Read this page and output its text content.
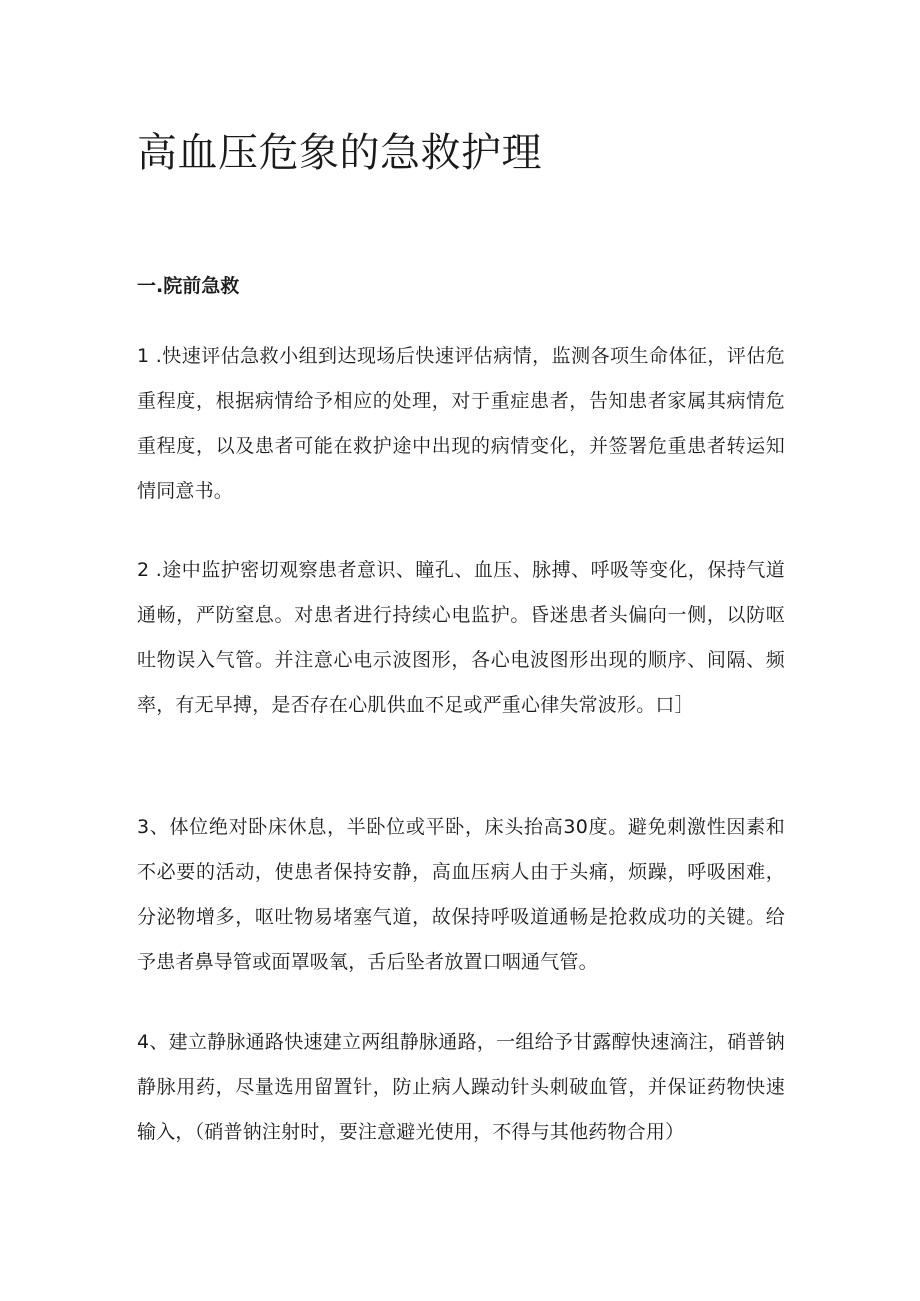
高血压危象的急救护理
一.院前急救

1 .快速评估急救小组到达现场后快速评估病情，监测各项生命体征，评估危重程度，根据病情给予相应的处理，对于重症患者，告知患者家属其病情危重程度，以及患者可能在救护途中出现的病情变化，并签署危重患者转运知情同意书。

2 .途中监护密切观察患者意识、瞳孔、血压、脉搏、呼吸等变化，保持气道通畅，严防窒息。对患者进行持续心电监护。昏迷患者头偏向一侧，以防呕吐物误入气管。并注意心电示波图形，各心电波图形出现的顺序、间隔、频率，有无早搏，是否存在心肌供血不足或严重心律失常波形。口］

3、体位绝对卧床休息，半卧位或平卧，床头抬高30度。避免刺激性因素和不必要的活动，使患者保持安静，高血压病人由于头痛，烦躁，呼吸困难，分泌物增多，呕吐物易堵塞气道，故保持呼吸道通畅是抢救成功的关键。给予患者鼻导管或面罩吸氧，舌后坠者放置口咽通气管。

4、建立静脉通路快速建立两组静脉通路，一组给予甘露醇快速滴注，硝普钠静脉用药，尽量选用留置针，防止病人躁动针头刺破血管，并保证药物快速输入，（硝普钠注射时，要注意避光使用，不得与其他药物合用）
